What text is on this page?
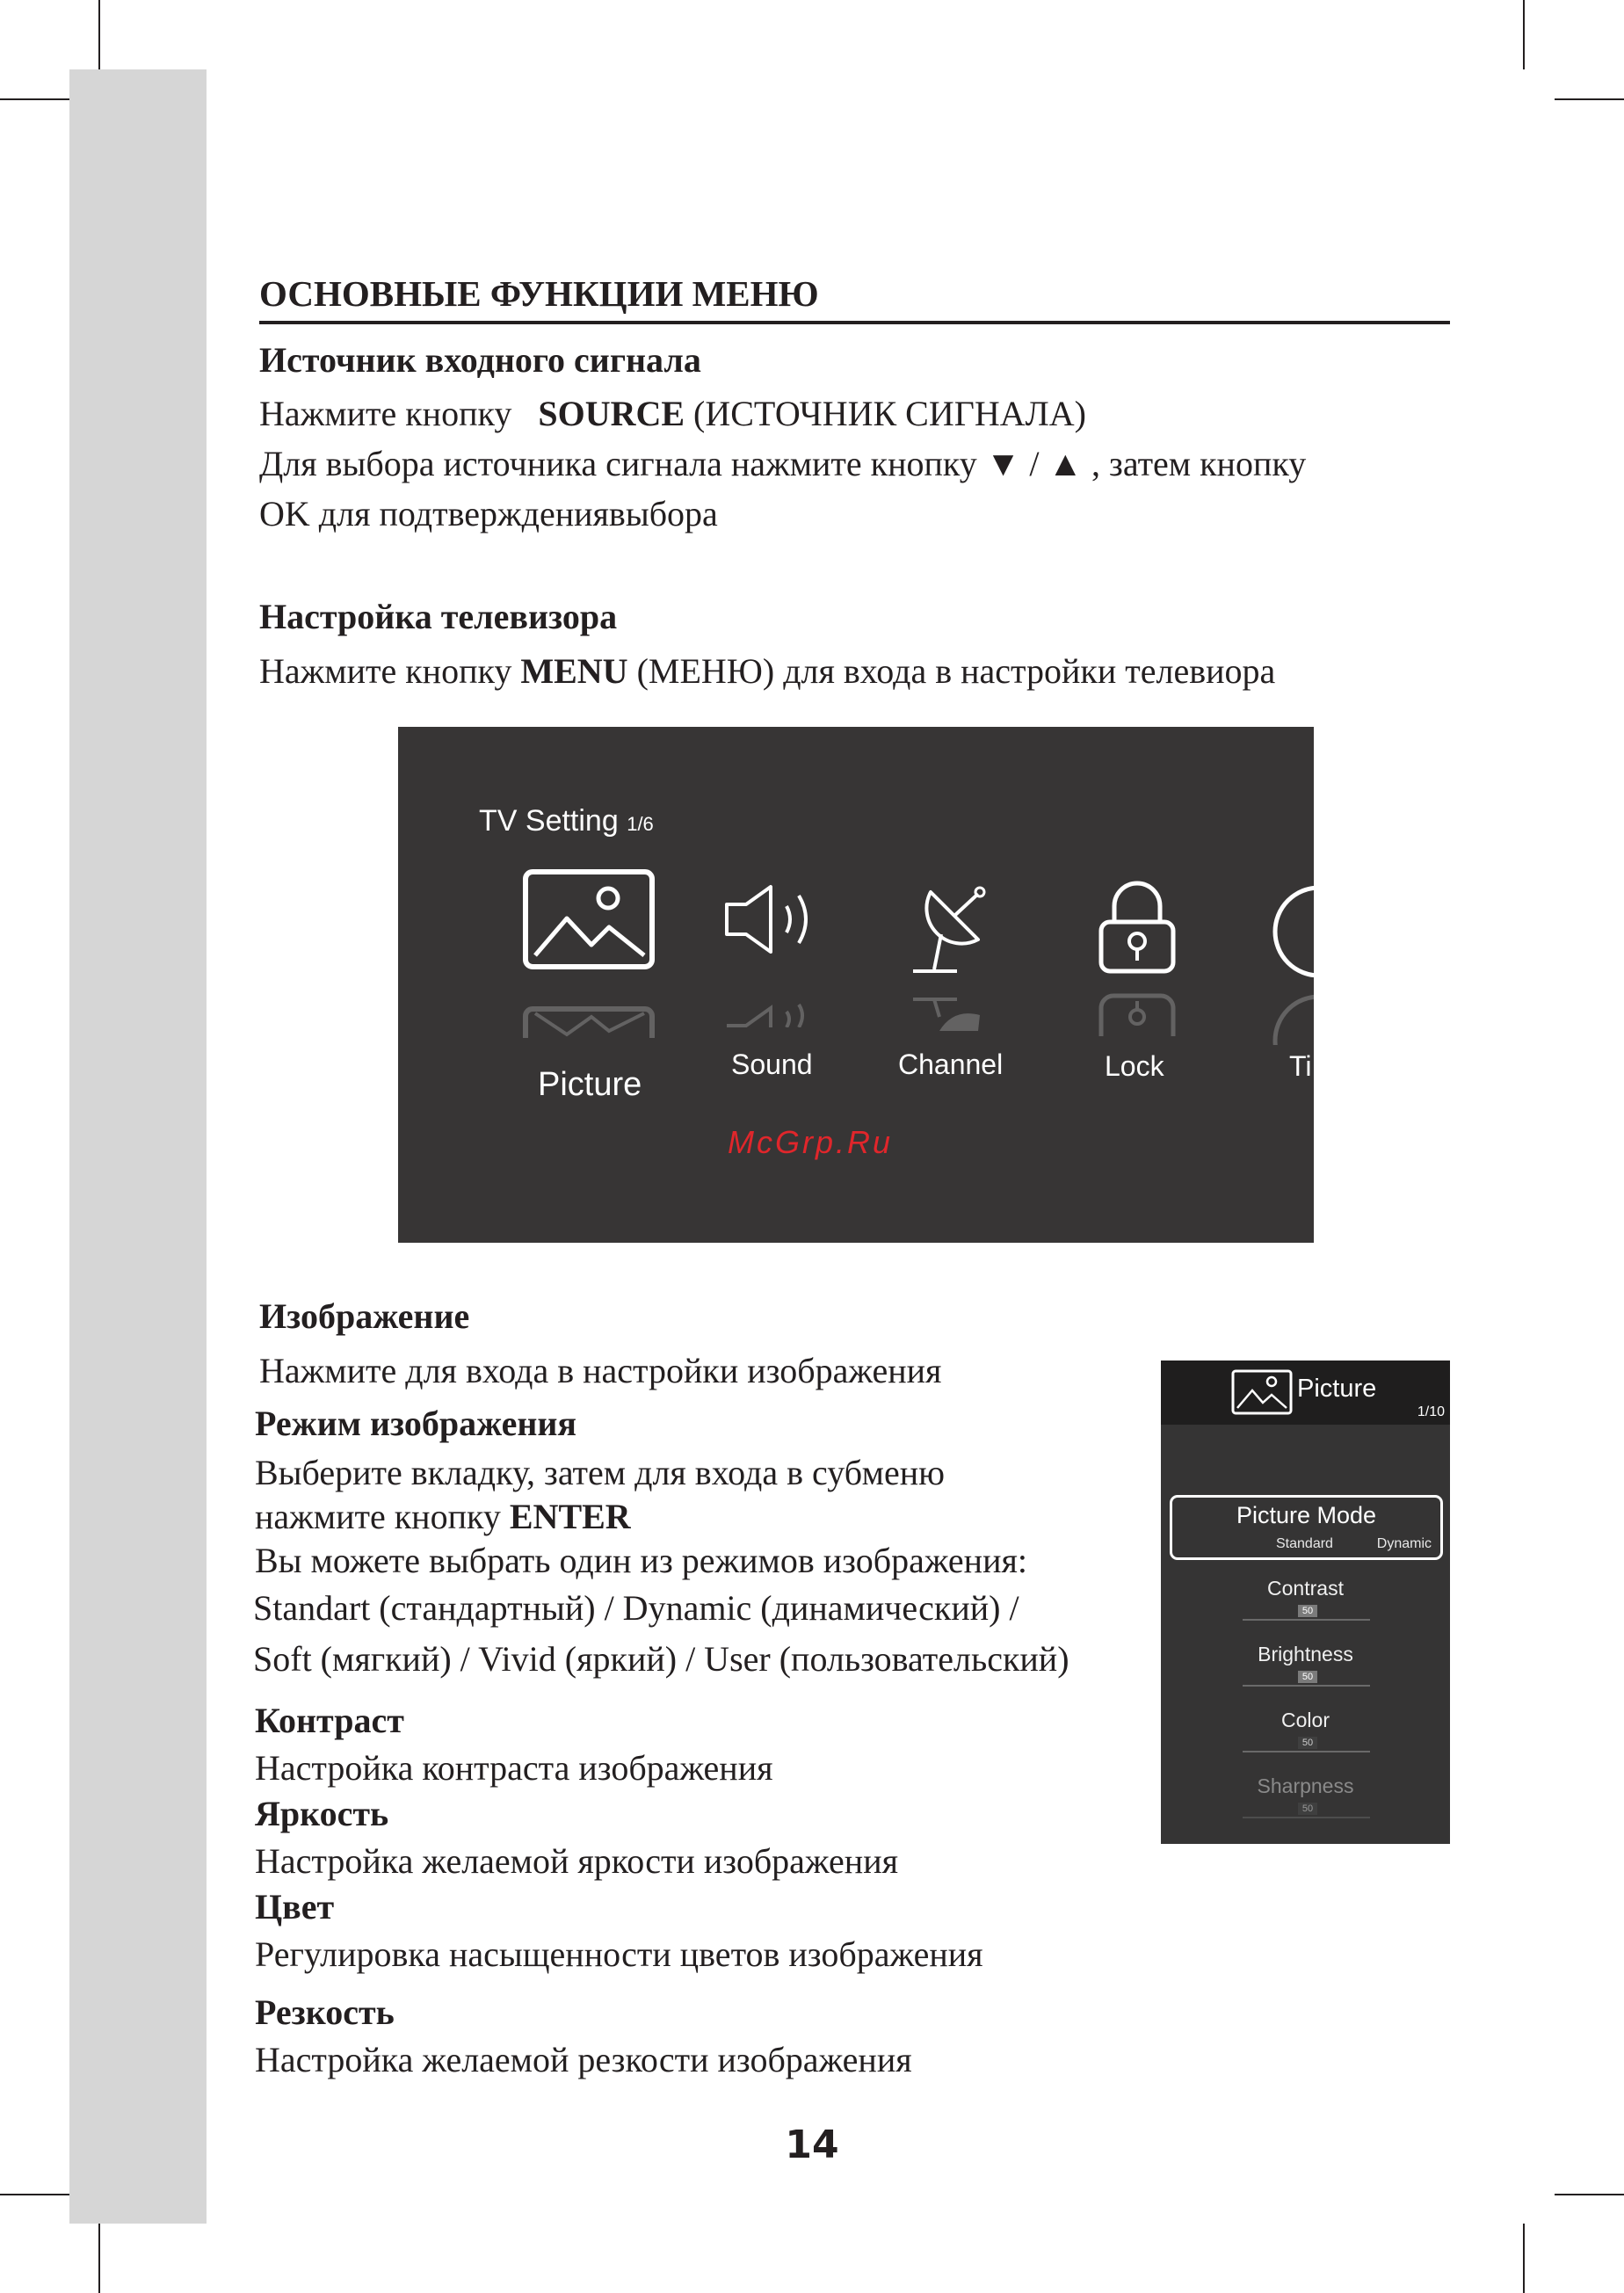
ОСНОВНЫЕ ФУНКЦИИ МЕНЮ
Источник входного сигнала
Нажмите кнопку SOURCE (ИСТОЧНИК СИГНАЛА)
Для выбора источника сигнала нажмите кнопку ▼ / ▲ , затем кнопку
OK для подтверждениявыбора
Настройка телевизора
Нажмите кнопку MENU (МЕНЮ) для входа в настройки телевиора
TV Setting 1/6
Picture
Sound	Channel	Lock	Ti
McGrp.Ru
Изображение
Нажмите для входа в настройки изображения
Режим изображения
Выберите вкладку, затем для входа в субменю
нажмите кнопку ENTER
Вы можете выбрать один из режимов изображения:
Standart (стандартный) / Dynamic (динамический) /
Soft (мягкий) / Vivid (яркий) / User (пользовательский)
Контраст
Настройка контраста изображения
Яркость
Настройка желаемой яркости изображения
Цвет
Регулировка насыщенности цветов изображения
Резкость
Настройка желаемой резкости изображения
Picture
1/10
Picture Mode
Standard	Dynamic
Contrast
50
Brightness
50
Color
50
Sharpness
50
14
